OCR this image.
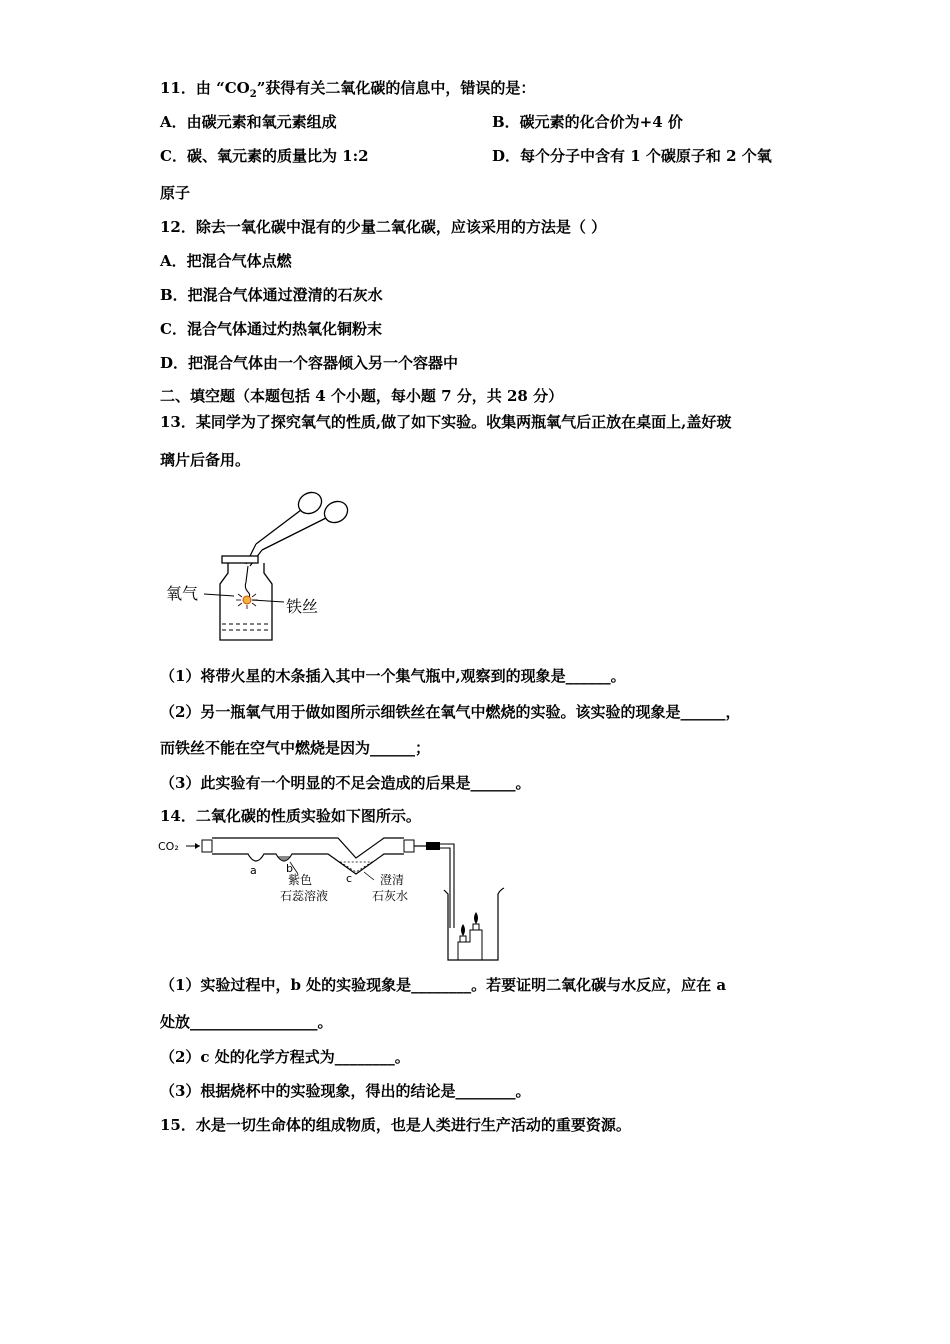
11．由 “$CO_2$”获得有关二氧化碳的信息中，错误的是：
A．由碳元素和氧元素组成	B．碳元素的化合价为+4 价
C．碳、氧元素的质量比为 1:2	D．每个分子中含有 1 个碳原子和 2 个氧
原子
12．除去一氧化碳中混有的少量二氧化碳，应该采用的方法是（ ）
A．把混合气体点燃
B．把混合气体通过澄清的石灰水
C．混合气体通过灼热氧化铜粉末
D．把混合气体由一个容器倾入另一个容器中
二、填空题（本题包括 4 个小题，每小题 7 分，共 28 分）
13．某同学为了探究氧气的性质,做了如下实验。收集两瓶氧气后正放在桌面上,盖好玻
璃片后备用。
氧气
铁丝
（1）将带火星的木条插入其中一个集气瓶中,观察到的现象是______。
（2）另一瓶氧气用于做如图所示细铁丝在氧气中燃烧的实验。该实验的现象是______，
而铁丝不能在空气中燃烧是因为______；
（3）此实验有一个明显的不足会造成的后果是______。
14．二氧化碳的性质实验如下图所示。
CO₂
a	b
c
紫色
石蕊溶液
澄清
石灰水
（1）实验过程中，b 处的实验现象是________。若要证明二氧化碳与水反应，应在 a
处放_________________。
（2）c 处的化学方程式为________。
（3）根据烧杯中的实验现象，得出的结论是________。
15．水是一切生命体的组成物质，也是人类进行生产活动的重要资源。
